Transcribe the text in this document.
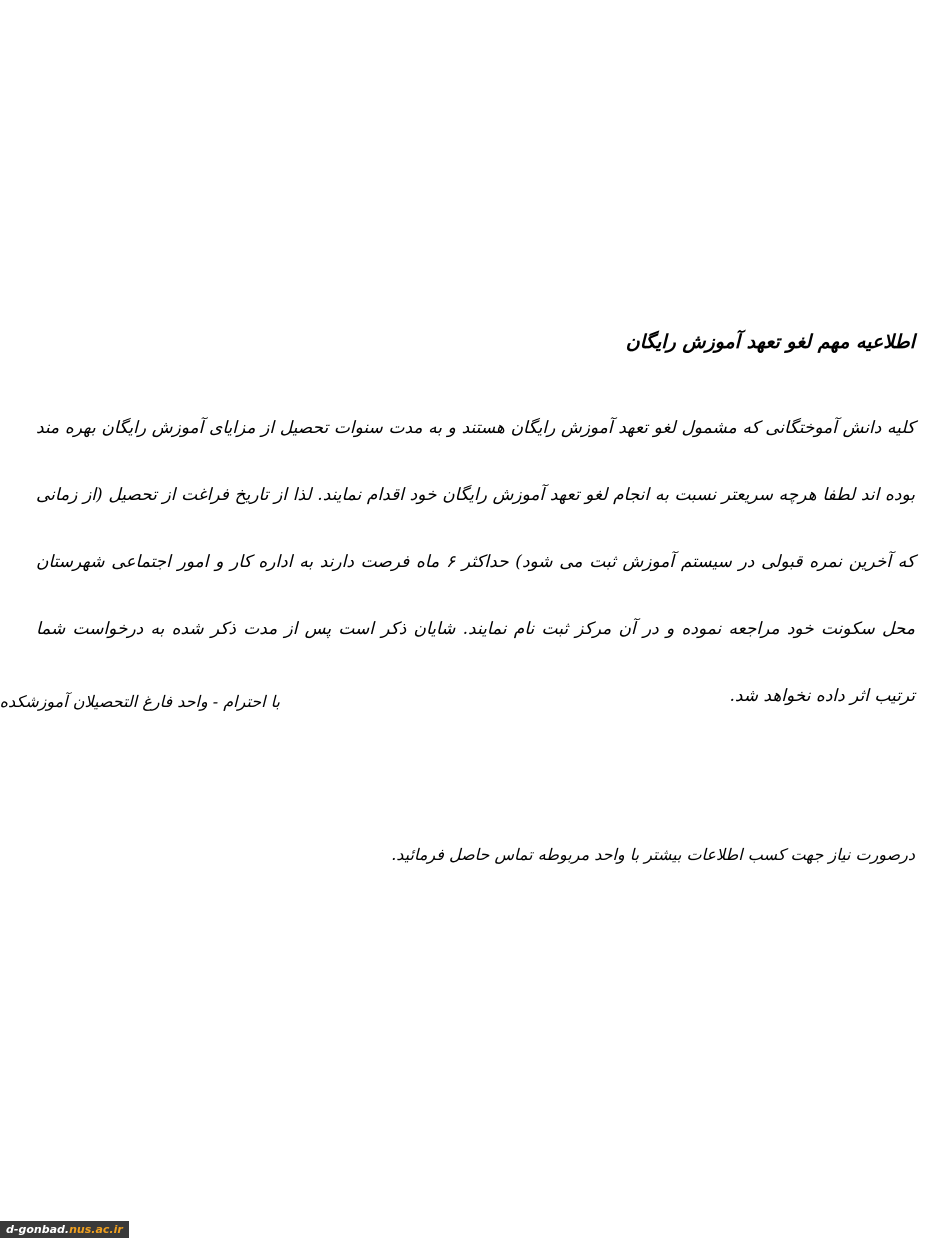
اطلاعیه مهم لغو تعهد آموزش رایگان

کلیه دانش آموختگانی که مشمول لغو تعهد آموزش رایگان هستند و به مدت سنوات تحصیل از مزایای آموزش رایگان بهره مند بوده اند لطفا هرچه سریعتر نسبت به انجام لغو تعهد آموزش رایگان خود اقدام نمایند. لذا از تاریخ فراغت از تحصیل (از زمانی که آخرین نمره قبولی در سیستم آموزش ثبت می شود) حداکثر ۶ ماه فرصت دارند به اداره کار و امور اجتماعی شهرستان محل سکونت خود مراجعه نموده و در آن مرکز ثبت نام نمایند. شایان ذکر است پس از مدت ذکر شده به درخواست شما ترتیب اثر داده نخواهد شد.

با احترام - واحد فارغ التحصیلان آموزشکده
درصورت نیاز جهت کسب اطلاعات بیشتر با واحد مربوطه تماس حاصل فرمائید.
d-gonbad.nus.ac.ir
